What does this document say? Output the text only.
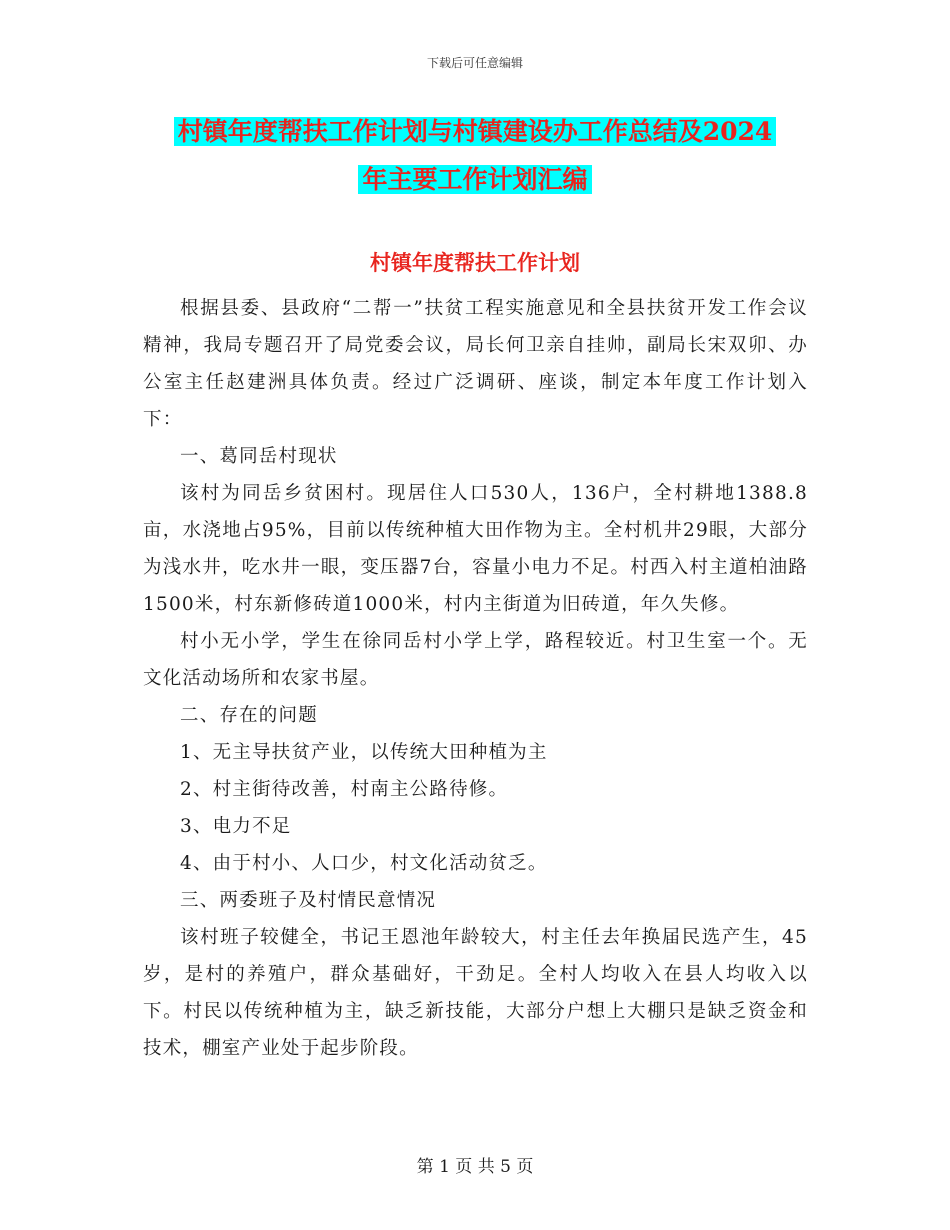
下载后可任意编辑
村镇年度帮扶工作计划与村镇建设办工作总结及2024
年主要工作计划汇编
村镇年度帮扶工作计划

根据县委、县政府“二帮一”扶贫工程实施意见和全县扶贫开发工作会议精神，我局专题召开了局党委会议，局长何卫亲自挂帅，副局长宋双卯、办公室主任赵建洲具体负责。经过广泛调研、座谈，制定本年度工作计划入下：

一、葛同岳村现状

该村为同岳乡贫困村。现居住人口530人，136户，全村耕地1388.8亩，水浇地占95%，目前以传统种植大田作物为主。全村机井29眼，大部分为浅水井，吃水井一眼，变压器7台，容量小电力不足。村西入村主道柏油路1500米，村东新修砖道1000米，村内主街道为旧砖道，年久失修。

村小无小学，学生在徐同岳村小学上学，路程较近。村卫生室一个。无文化活动场所和农家书屋。

二、存在的问题

1、无主导扶贫产业，以传统大田种植为主

2、村主街待改善，村南主公路待修。

3、电力不足

4、由于村小、人口少，村文化活动贫乏。

三、两委班子及村情民意情况

该村班子较健全，书记王恩池年龄较大，村主任去年换届民选产生，45岁，是村的养殖户，群众基础好，干劲足。全村人均收入在县人均收入以下。村民以传统种植为主，缺乏新技能，大部分户想上大棚只是缺乏资金和技术，棚室产业处于起步阶段。

第 1 页 共 5 页
